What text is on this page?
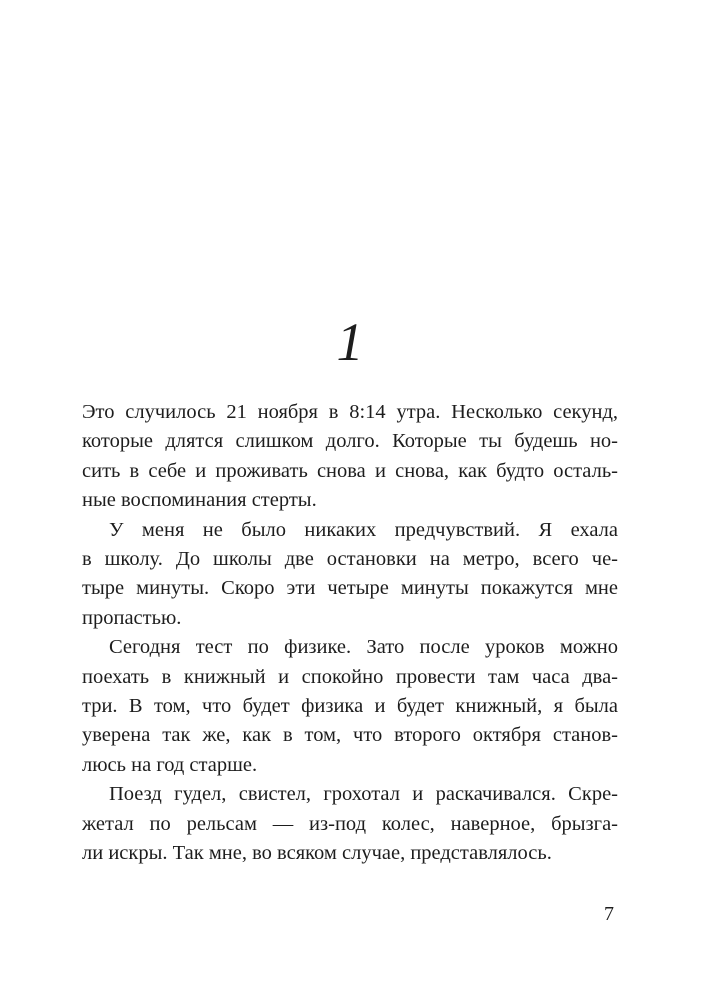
1
Это случилось 21 ноября в 8:14 утра. Несколько секунд,
которые длятся слишком долго. Которые ты будешь но-
сить в себе и проживать снова и снова, как будто осталь-
ные воспоминания стерты.
У меня не было никаких предчувствий. Я ехала
в школу. До школы две остановки на метро, всего че-
тыре минуты. Скоро эти четыре минуты покажутся мне
пропастью.
Сегодня тест по физике. Зато после уроков можно
поехать в книжный и спокойно провести там часа два-
три. В том, что будет физика и будет книжный, я была
уверена так же, как в том, что второго октября станов-
люсь на год старше.
Поезд гудел, свистел, грохотал и раскачивался. Скре-
жетал по рельсам — из-под колес, наверное, брызга-
ли искры. Так мне, во всяком случае, представлялось.
7
